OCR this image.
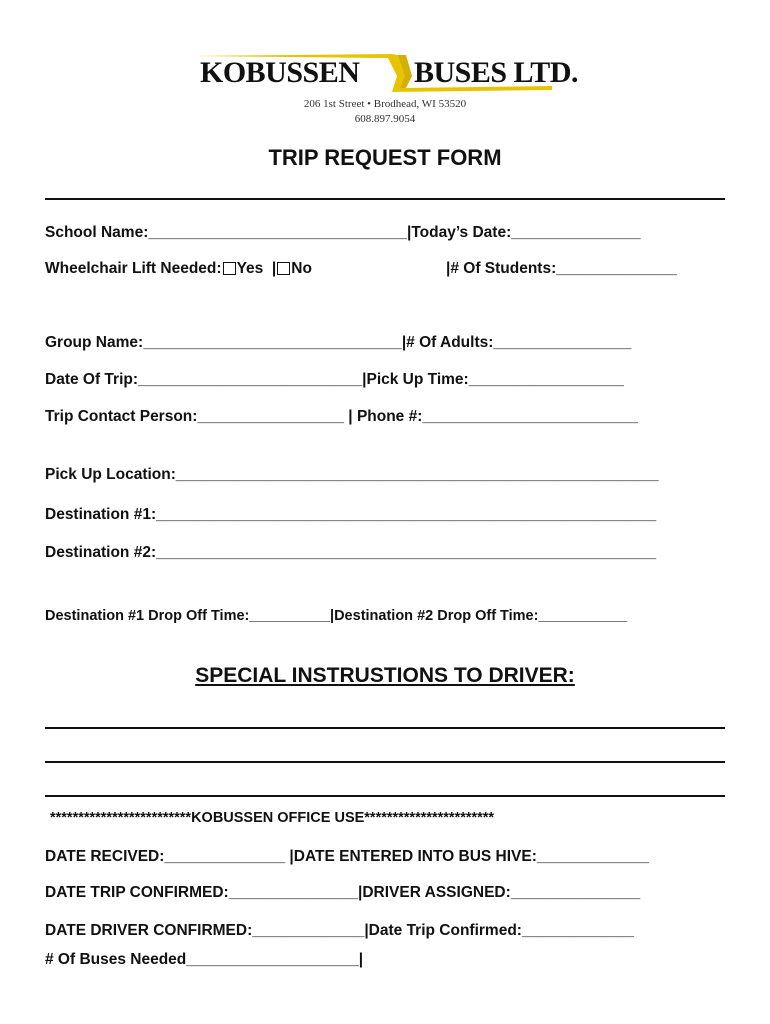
KOBUSSEN BUSES LTD.
206 1st Street • Brodhead, WI 53520
608.897.9054
TRIP REQUEST FORM
School Name:______________________________|Today’s Date:_______________
Wheelchair Lift Needed: Yes  | No	|# Of Students:______________
Group Name:______________________________|# Of Adults:________________
Date Of Trip:__________________________|Pick Up Time:__________________
Trip Contact Person:_________________ | Phone #:_________________________
Pick Up Location:________________________________________________________
Destination #1:__________________________________________________________
Destination #2:__________________________________________________________
Destination #1 Drop Off Time:__________|Destination #2 Drop Off Time:___________
SPECIAL INSTRUSTIONS TO DRIVER:
*************************KOBUSSEN OFFICE USE***********************
DATE RECIVED:______________ |DATE ENTERED INTO BUS HIVE:_____________
DATE TRIP CONFIRMED:_______________|DRIVER ASSIGNED:_______________
DATE DRIVER CONFIRMED:_____________|Date Trip Confirmed:_____________
# Of Buses Needed____________________|
